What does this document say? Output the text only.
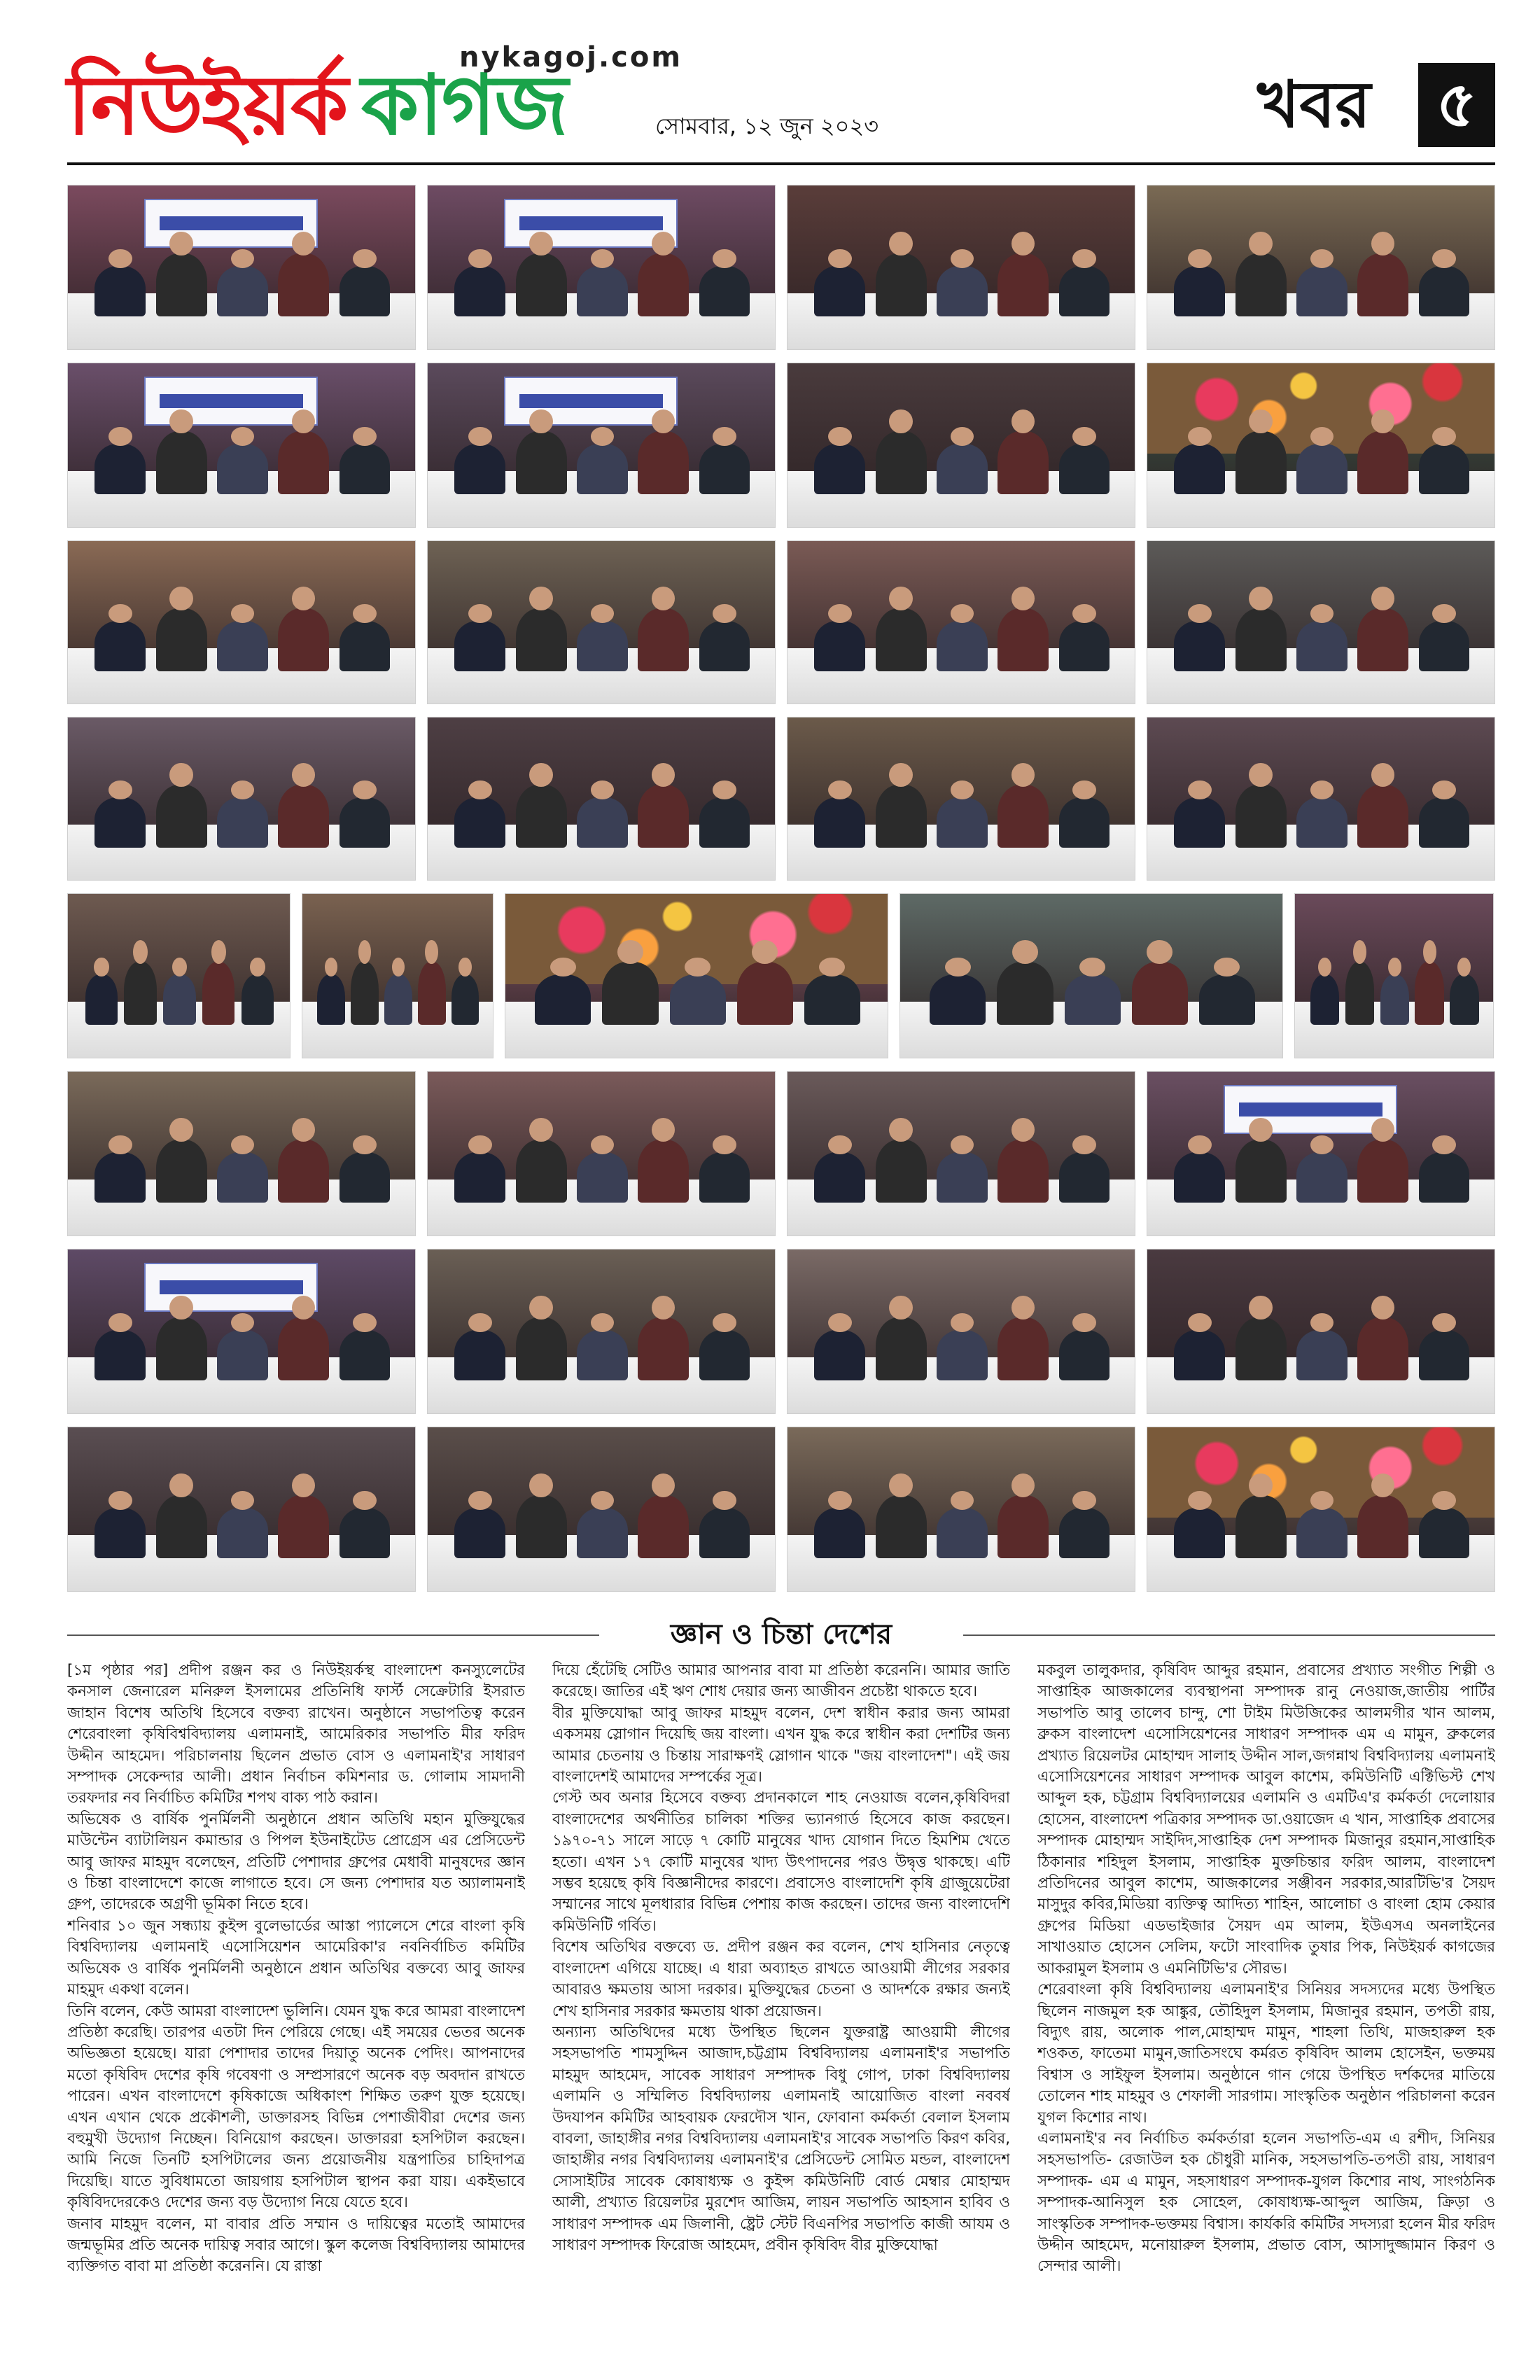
নিউইয়র্ক কাগজ
nykagoj.com
সোমবার, ১২ জুন ২০২৩	খবর ৫
জ্ঞান ও চিন্তা দেশের

[১ম পৃষ্ঠার পর] প্রদীপ রঞ্জন কর ও নিউইয়র্কস্থ বাংলাদেশ কনস্যুলেটের কনসাল জেনারেল মনিরুল ইসলামের প্রতিনিধি ফার্স্ট সেক্রেটারি ইসরাত জাহান বিশেষ অতিথি হিসেবে বক্তব্য রাখেন। অনুষ্ঠানে সভাপতিত্ব করেন শেরেবাংলা কৃষিবিশ্ববিদ্যালয় এলামনাই, আমেরিকার সভাপতি মীর ফরিদ উদ্দীন আহমেদ। পরিচালনায় ছিলেন প্রভাত বোস ও এলামনাই'র সাধারণ সম্পাদক সেকেন্দার আলী। প্রধান নির্বাচন কমিশনার ড. গোলাম সামদানী তরফদার নব নির্বাচিত কমিটির শপথ বাক্য পাঠ করান।

অভিষেক ও বার্ষিক পুনর্মিলনী অনুষ্ঠানে প্রধান অতিথি মহান মুক্তিযুদ্ধের মাউন্টেন ব্যাটালিয়ন কমান্ডার ও পিপল ইউনাইটেড প্রোগ্রেস এর প্রেসিডেন্ট আবু জাফর মাহমুদ বলেছেন, প্রতিটি পেশাদার গ্রুপের মেধাবী মানুষদের জ্ঞান ও চিন্তা বাংলাদেশে কাজে লাগাতে হবে। সে জন্য পেশাদার যত অ্যালামনাই গ্রুপ, তাদেরকে অগ্রণী ভূমিকা নিতে হবে।

শনিবার ১০ জুন সন্ধ্যায় কুইন্স বুলেভার্ডের আস্তা প্যালেসে শেরে বাংলা কৃষি বিশ্ববিদ্যালয় এলামনাই এসোসিয়েশন আমেরিকা'র নবনির্বাচিত কমিটির অভিষেক ও বার্ষিক পুনর্মিলনী অনুষ্ঠানে প্রধান অতিথির বক্তব্যে আবু জাফর মাহমুদ একথা বলেন।

তিনি বলেন, কেউ আমরা বাংলাদেশ ভুলিনি। যেমন যুদ্ধ করে আমরা বাংলাদেশ প্রতিষ্ঠা করেছি। তারপর এতটা দিন পেরিয়ে গেছে। এই সময়ের ভেতর অনেক অভিজ্ঞতা হয়েছে। যারা পেশাদার তাদের দিয়াতু অনেক পেদিং। আপনাদের মতো কৃষিবিদ দেশের কৃষি গবেষণা ও সম্প্রসারণে অনেক বড় অবদান রাখতে পারেন। এখন বাংলাদেশে কৃষিকাজে অধিকাংশ শিক্ষিত তরুণ যুক্ত হয়েছে। এখন এখান থেকে প্রকৌশলী, ডাক্তারসহ বিভিন্ন পেশাজীবীরা দেশের জন্য বহুমুখী উদ্যোগ নিচ্ছেন। বিনিয়োগ করছেন। ডাক্তাররা হসপিটাল করছেন। আমি নিজে তিনটি হসপিটালের জন্য প্রয়োজনীয় যন্ত্রপাতির চাহিদাপত্র দিয়েছি। যাতে সুবিধামতো জায়গায় হসপিটাল স্থাপন করা যায়। একইভাবে কৃষিবিদদেরকেও দেশের জন্য বড় উদ্যোগ নিয়ে যেতে হবে।

জনাব মাহমুদ বলেন, মা বাবার প্রতি সম্মান ও দায়িত্বের মতোই আমাদের জন্মভূমির প্রতি অনেক দায়িত্ব সবার আগে। স্কুল কলেজ বিশ্ববিদ্যালয় আমাদের ব্যক্তিগত বাবা মা প্রতিষ্ঠা করেননি। যে রাস্তা

দিয়ে হেঁটেছি সেটিও আমার আপনার বাবা মা প্রতিষ্ঠা করেননি। আমার জাতি করেছে। জাতির এই ঋণ শোধ দেয়ার জন্য আজীবন প্রচেষ্টা থাকতে হবে।

বীর মুক্তিযোদ্ধা আবু জাফর মাহমুদ বলেন, দেশ স্বাধীন করার জন্য আমরা একসময় স্লোগান দিয়েছি জয় বাংলা। এখন যুদ্ধ করে স্বাধীন করা দেশটির জন্য আমার চেতনায় ও চিন্তায় সারাক্ষণই স্লোগান থাকে "জয় বাংলাদেশ"। এই জয় বাংলাদেশই আমাদের সম্পর্কের সূত্র।

গেস্ট অব অনার হিসেবে বক্তব্য প্রদানকালে শাহ নেওয়াজ বলেন,কৃষিবিদরা বাংলাদেশের অর্থনীতির চালিকা শক্তির ভ্যানগার্ড হিসেবে কাজ করছেন। ১৯৭০-৭১ সালে সাড়ে ৭ কোটি মানুষের খাদ্য যোগান দিতে হিমশিম খেতে হতো। এখন ১৭ কোটি মানুষের খাদ্য উৎপাদনের পরও উদ্বৃত্ত থাকছে। এটি সম্ভব হয়েছে কৃষি বিজ্ঞানীদের কারণে। প্রবাসেও বাংলাদেশি কৃষি গ্রাজুয়েটেরা সম্মানের সাথে মূলধারার বিভিন্ন পেশায় কাজ করছেন। তাদের জন্য বাংলাদেশি কমিউনিটি গর্বিত।

বিশেষ অতিথির বক্তব্যে ড. প্রদীপ রঞ্জন কর বলেন, শেখ হাসিনার নেতৃত্বে বাংলাদেশ এগিয়ে যাচ্ছে। এ ধারা অব্যাহত রাখতে আওয়ামী লীগের সরকার আবারও ক্ষমতায় আসা দরকার। মুক্তিযুদ্ধের চেতনা ও আদর্শকে রক্ষার জন্যই শেখ হাসিনার সরকার ক্ষমতায় থাকা প্রয়োজন।

অন্যান্য অতিথিদের মধ্যে উপস্থিত ছিলেন যুক্তরাষ্ট্র আওয়ামী লীগের সহসভাপতি শামসুদ্দিন আজাদ,চট্টগ্রাম বিশ্ববিদ্যালয় এলামনাই'র সভাপতি মাহমুদ আহমেদ, সাবেক সাধারণ সম্পাদক বিধু গোপ, ঢাকা বিশ্ববিদ্যালয় এলামনি ও সম্মিলিত বিশ্ববিদ্যালয় এলামনাই আয়োজিত বাংলা নববর্ষ উদযাপন কমিটির আহবায়ক ফেরদৌস খান, ফোবানা কর্মকর্তা বেলাল ইসলাম বাবলা, জাহাঙ্গীর নগর বিশ্ববিদ্যালয় এলামনাই'র সাবেক সভাপতি কিরণ কবির, জাহাঙ্গীর নগর বিশ্ববিদ্যালয় এলামনাই'র প্রেসিডেন্ট সোমিত মন্ডল, বাংলাদেশ সোসাইটির সাবেক কোষাধ্যক্ষ ও কুইন্স কমিউনিটি বোর্ড মেম্বার মোহাম্মদ আলী, প্রখ্যাত রিয়েলটর মুরশেদ আজিম, লায়ন সভাপতি আহসান হাবিব ও সাধারণ সম্পাদক এম জিলানী, ষ্ট্রেট স্টেট বিএনপির সভাপতি কাজী আযম ও সাধারণ সম্পাদক ফিরোজ আহমেদ, প্রবীন কৃষিবিদ বীর মুক্তিযোদ্ধা

মকবুল তালুকদার, কৃষিবিদ আব্দুর রহমান, প্রবাসের প্রখ্যাত সংগীত শিল্পী ও সাপ্তাহিক আজকালের ব্যবস্থাপনা সম্পাদক রানু নেওয়াজ,জাতীয় পার্টির সভাপতি আবু তালেব চান্দু, শো টাইম মিউজিকের আলমগীর খান আলম, ব্রুকস বাংলাদেশ এসোসিয়েশনের সাধারণ সম্পাদক এম এ মামুন, ব্রুকলের প্রখ্যাত রিয়েলটর মোহাম্মদ সালাহ উদ্দীন সাল,জগন্নাথ বিশ্ববিদ্যালয় এলামনাই এসোসিয়েশনের সাধারণ সম্পাদক আবুল কাশেম, কমিউনিটি এক্টিভিস্ট শেখ আব্দুল হক, চট্টগ্রাম বিশ্ববিদ্যালয়ের এলামনি ও এমটিএ'র কর্মকর্তা দেলোয়ার হোসেন, বাংলাদেশ পত্রিকার সম্পাদক ডা.ওয়াজেদ এ খান, সাপ্তাহিক প্রবাসের সম্পাদক মোহাম্মদ সাইদিদ,সাপ্তাহিক দেশ সম্পাদক মিজানুর রহমান,সাপ্তাহিক ঠিকানার শহিদুল ইসলাম, সাপ্তাহিক মুক্তচিন্তার ফরিদ আলম, বাংলাদেশ প্রতিদিনের আবুল কাশেম, আজকালের সঞ্জীবন সরকার,আরটিভি'র সৈয়দ মাসুদুর কবির,মিডিয়া ব্যক্তিত্ব আদিত্য শাহিন, আলোচা ও বাংলা হোম কেয়ার গ্রুপের মিডিয়া এডভাইজার সৈয়দ এম আলম, ইউএসএ অনলাইনের সাখাওয়াত হোসেন সেলিম, ফটো সাংবাদিক তুষার পিক, নিউইয়র্ক কাগজের আকরামুল ইসলাম ও এমনিটিভি'র সৌরভ।

শেরেবাংলা কৃষি বিশ্ববিদ্যালয় এলামনাই'র সিনিয়র সদস্যদের মধ্যে উপস্থিত ছিলেন নাজমুল হক আঙ্কুর, তৌহিদুল ইসলাম, মিজানুর রহমান, তপতী রায়, বিদ্যুৎ রায়, অলোক পাল,মোহাম্মদ মামুন, শাহলা তিথি, মাজহারুল হক শওকত, ফাতেমা মামুন,জাতিসংঘে কর্মরত কৃষিবিদ আলম হোসেইন, ভক্তময় বিশ্বাস ও সাইফুল ইসলাম। অনুষ্ঠানে গান গেয়ে উপস্থিত দর্শকদের মাতিয়ে তোলেন শাহ মাহমুব ও শেফালী সারগাম। সাংস্কৃতিক অনুষ্ঠান পরিচালনা করেন যুগল কিশোর নাথ।

এলামনাই'র নব নির্বাচিত কর্মকর্তারা হলেন সভাপতি-এম এ রশীদ, সিনিয়র সহসভাপতি- রেজাউল হক চৌধুরী মানিক, সহসভাপতি-তপতী রায়, সাধারণ সম্পাদক- এম এ মামুন, সহসাধারণ সম্পাদক-যুগল কিশোর নাথ, সাংগঠনিক সম্পাদক-আনিসুল হক সোহেল, কোষাধ্যক্ষ-আব্দুল আজিম, ক্রিড়া ও সাংস্কৃতিক সম্পাদক-ভক্তময় বিশ্বাস। কার্যকরি কমিটির সদস্যরা হলেন মীর ফরিদ উদ্দীন আহমেদ, মনোয়ারুল ইসলাম, প্রভাত বোস, আসাদুজ্জামান কিরণ ও সেন্দার আলী।
